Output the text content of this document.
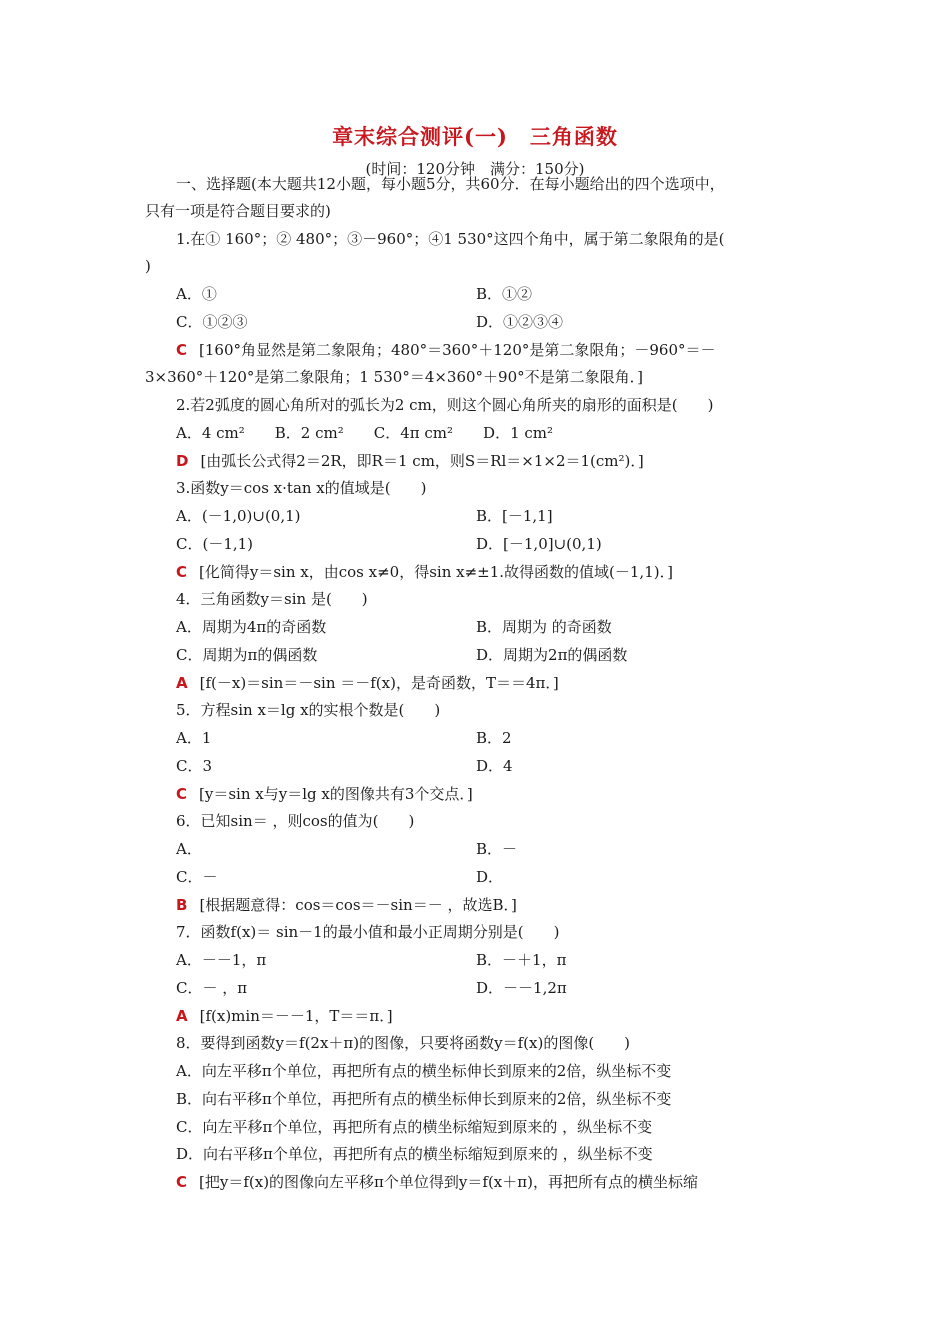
章末综合测评(一)　三角函数
(时间：120分钟　满分：150分)
一、选择题(本大题共12小题，每小题5分，共60分．在每小题给出的四个选项中，
只有一项是符合题目要求的)
1.在① 160°；② 480°；③－960°；④1 530°这四个角中，属于第二象限角的是(
)
A．①	B．①②
C．①②③	D．①②③④
C [160°角显然是第二象限角；480°＝360°＋120°是第二象限角；－960°＝－
3×360°＋120°是第二象限角；1 530°＝4×360°＋90°不是第二象限角．]
2.若2弧度的圆心角所对的弧长为2 cm，则这个圆心角所夹的扇形的面积是(　　)
A．4 cm²　　B．2 cm²　　C．4π cm²　　D．1 cm²
D [由弧长公式得2＝2R，即R＝1 cm，则S＝Rl＝×1×2＝1(cm²)．]
3.函数y＝cos x·tan x的值域是(　　)
A．(－1,0)∪(0,1)	B．[－1,1]
C．(－1,1)	D．[－1,0]∪(0,1)
C [化简得y＝sin x，由cos x≠0，得sin x≠±1.故得函数的值域(－1,1)．]
4．三角函数y＝sin 是(　　)
A．周期为4π的奇函数	B．周期为 的奇函数
C．周期为π的偶函数	D．周期为2π的偶函数
A [f(－x)＝sin＝－sin ＝－f(x)，是奇函数，T＝＝4π．]
5．方程sin x＝lg x的实根个数是(　　)
A．1	B．2
C．3	D．4
C [y＝sin x与y＝lg x的图像共有3个交点．]
6．已知sin＝ ，则cos的值为(　　)
A．	B．－
C．－	D．
B [根据题意得：cos＝cos＝－sin＝－ ，故选B．]
7．函数f(x)＝ sin－1的最小值和最小正周期分别是(　　)
A．－－1，π	B．－＋1，π
C．－ ，π	D．－－1,2π
A [f(x)min＝－－1，T＝＝π．]
8．要得到函数y＝f(2x＋π)的图像，只要将函数y＝f(x)的图像(　　)
A．向左平移π个单位，再把所有点的横坐标伸长到原来的2倍，纵坐标不变
B．向右平移π个单位，再把所有点的横坐标伸长到原来的2倍，纵坐标不变
C．向左平移π个单位，再把所有点的横坐标缩短到原来的 ，纵坐标不变
D．向右平移π个单位，再把所有点的横坐标缩短到原来的 ，纵坐标不变
C [把y＝f(x)的图像向左平移π个单位得到y＝f(x＋π)，再把所有点的横坐标缩
